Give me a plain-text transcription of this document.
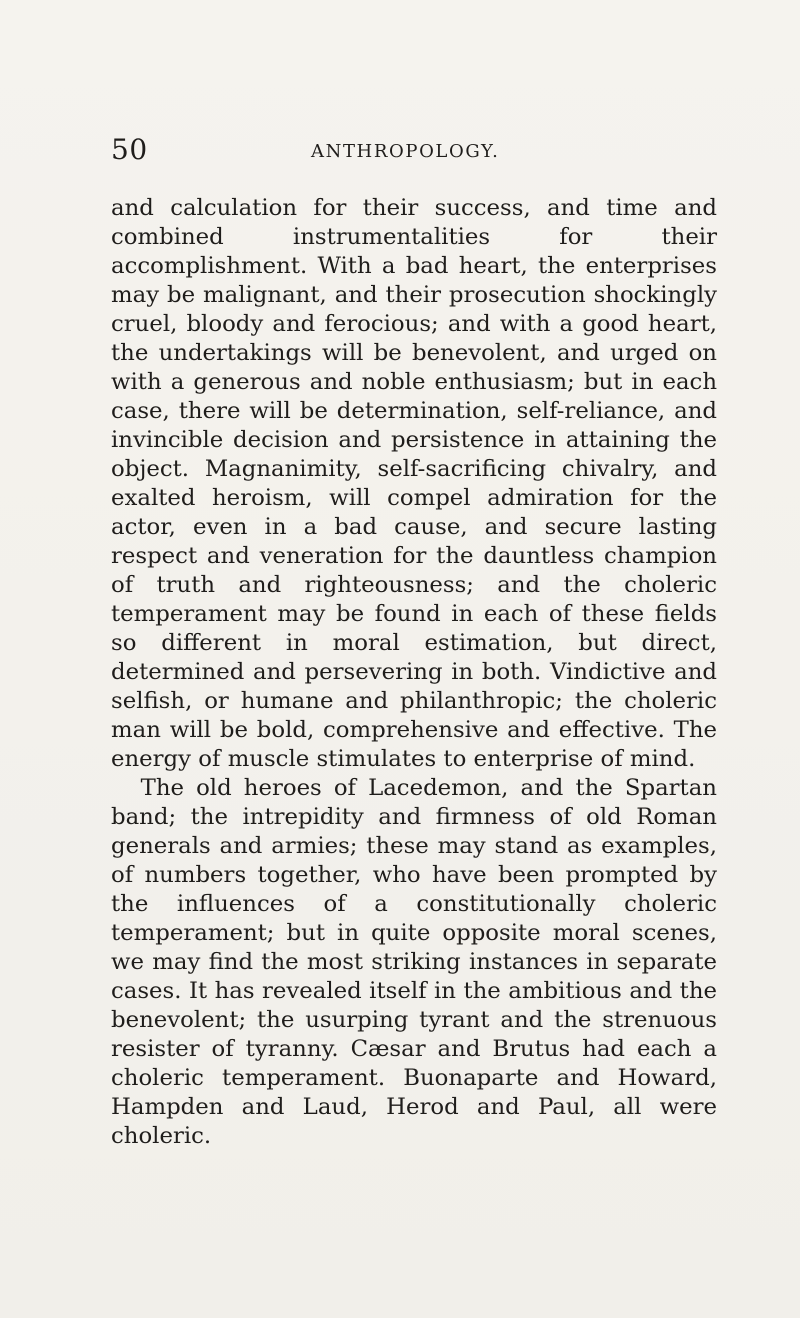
50	ANTHROPOLOGY.

and calculation for their success, and time and combined instrumentalities for their accomplishment. With a bad heart, the enterprises may be malignant, and their prosecution shockingly cruel, bloody and ferocious; and with a good heart, the undertakings will be benevolent, and urged on with a generous and noble enthusiasm; but in each case, there will be determination, self-reliance, and invincible decision and persistence in attaining the object. Magnanimity, self-sacrificing chivalry, and exalted heroism, will compel admiration for the actor, even in a bad cause, and secure lasting respect and veneration for the dauntless champion of truth and righteousness; and the choleric temperament may be found in each of these fields so different in moral estimation, but direct, determined and persevering in both. Vindictive and selfish, or humane and philanthropic; the choleric man will be bold, comprehensive and effective. The energy of muscle stimulates to enterprise of mind.

The old heroes of Lacedemon, and the Spartan band; the intrepidity and firmness of old Roman generals and armies; these may stand as examples, of numbers together, who have been prompted by the influences of a constitutionally choleric temperament; but in quite opposite moral scenes, we may find the most striking instances in separate cases. It has revealed itself in the ambitious and the benevolent; the usurping tyrant and the strenuous resister of tyranny. Cæsar and Brutus had each a choleric temperament. Buonaparte and Howard, Hampden and Laud, Herod and Paul, all were choleric.
